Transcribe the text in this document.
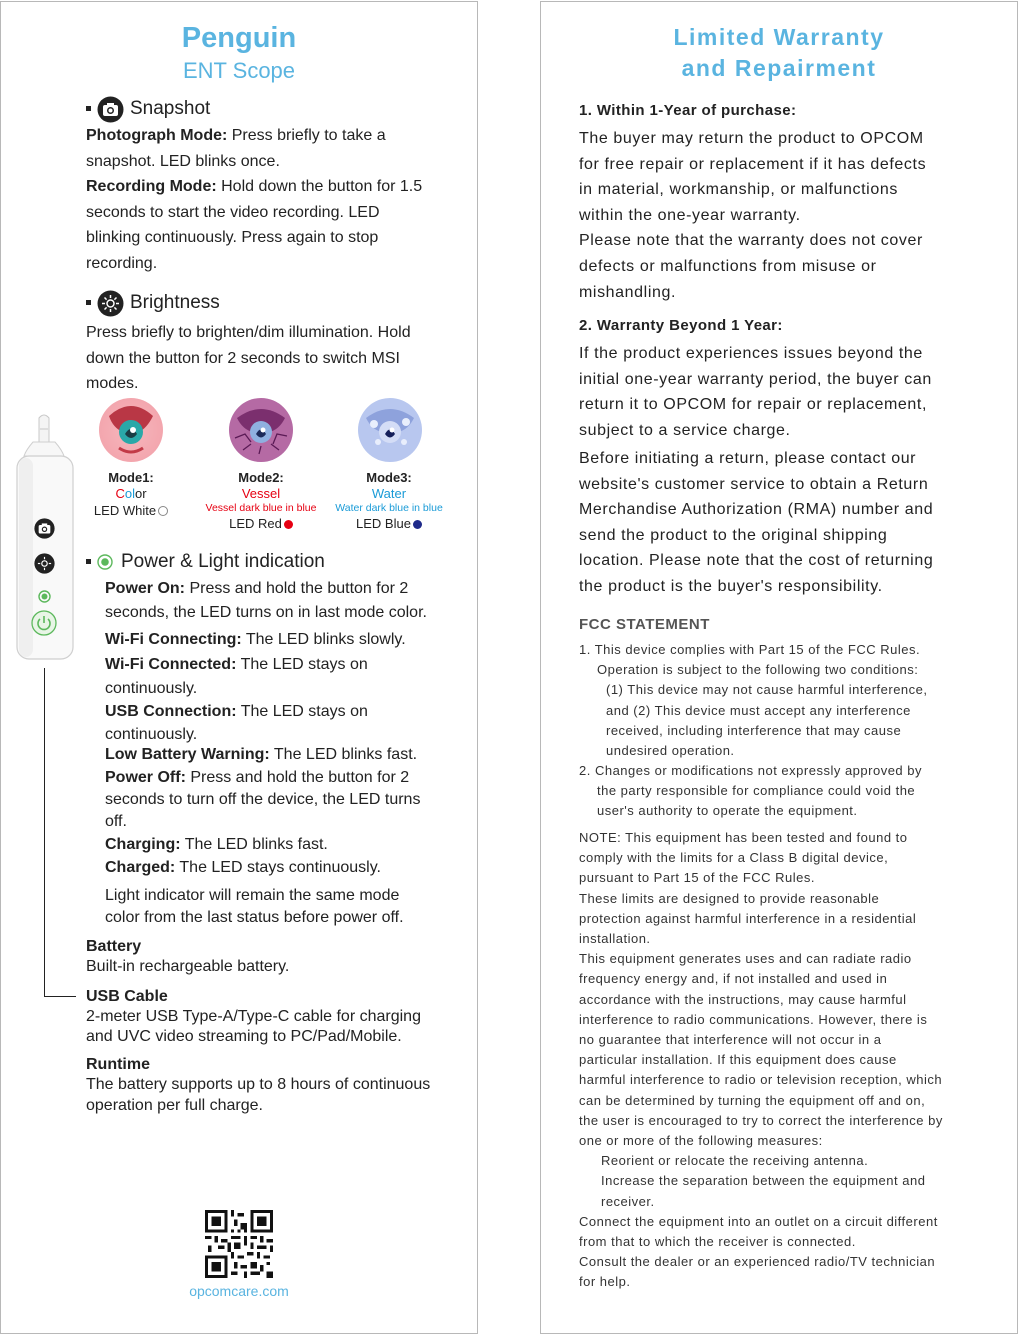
Penguin
ENT Scope
Snapshot
Photograph Mode: Press briefly to take a
snapshot. LED blinks once.
Recording Mode: Hold down the button for 1.5
seconds to start the video recording. LED
blinking continuously. Press again to stop
recording.
Brightness
Press briefly to brighten/dim illumination. Hold
down the button for 2 seconds to switch MSI
modes.
Mode1:
Color
LED White
Mode2:
Vessel
Vessel dark blue in blue
LED Red
Mode3:
Water
Water dark blue in blue
LED Blue
Power & Light indication
Power On: Press and hold the button for 2
seconds, the LED turns on in last mode color.
Wi-Fi Connecting: The LED blinks slowly.
Wi-Fi Connected: The LED stays on
continuously.
USB Connection: The LED stays on
continuously.
Low Battery Warning: The LED blinks fast.
Power Off: Press and hold the button for 2
seconds to turn off the device, the LED turns
off.
Charging: The LED blinks fast.
Charged: The LED stays continuously.
Light indicator will remain the same mode
color from the last status before power off.
Battery
Built-in rechargeable battery.
USB Cable
2-meter USB Type-A/Type-C cable for charging
and UVC video streaming to PC/Pad/Mobile.
Runtime
The battery supports up to 8 hours of continuous
operation per full charge.
opcomcare.com
Limited Warranty
and Repairment
1. Within 1-Year of purchase:
The buyer may return the product to OPCOM
for free repair or replacement if it has defects
in material, workmanship, or malfunctions
within the one-year warranty.
Please note that the warranty does not cover
defects or malfunctions from misuse or
mishandling.
2. Warranty Beyond 1 Year:
If the product experiences issues beyond the
initial one-year warranty period, the buyer can
return it to OPCOM for repair or replacement,
subject to a service charge.
Before initiating a return, please contact our
website's customer service to obtain a Return
Merchandise Authorization (RMA) number and
send the product to the original shipping
location. Please note that the cost of returning
the product is the buyer's responsibility.
FCC STATEMENT
1. This device complies with Part 15 of the FCC Rules.
Operation is subject to the following two conditions:
(1) This device may not cause harmful interference,
and (2) This device must accept any interference
received, including interference that may cause
undesired operation.
2. Changes or modifications not expressly approved by
the party responsible for compliance could void the
user's authority to operate the equipment.
NOTE: This equipment has been tested and found to
comply with the limits for a Class B digital device,
pursuant to Part 15 of the FCC Rules.
These limits are designed to provide reasonable
protection against harmful interference in a residential
installation.
This equipment generates uses and can radiate radio
frequency energy and, if not installed and used in
accordance with the instructions, may cause harmful
interference to radio communications. However, there is
no guarantee that interference will not occur in a
particular installation. If this equipment does cause
harmful interference to radio or television reception, which
can be determined by turning the equipment off and on,
the user is encouraged to try to correct the interference by
one or more of the following measures:
Reorient or relocate the receiving antenna.
Increase the separation between the equipment and
receiver.
Connect the equipment into an outlet on a circuit different
from that to which the receiver is connected.
Consult the dealer or an experienced radio/TV technician
for help.
